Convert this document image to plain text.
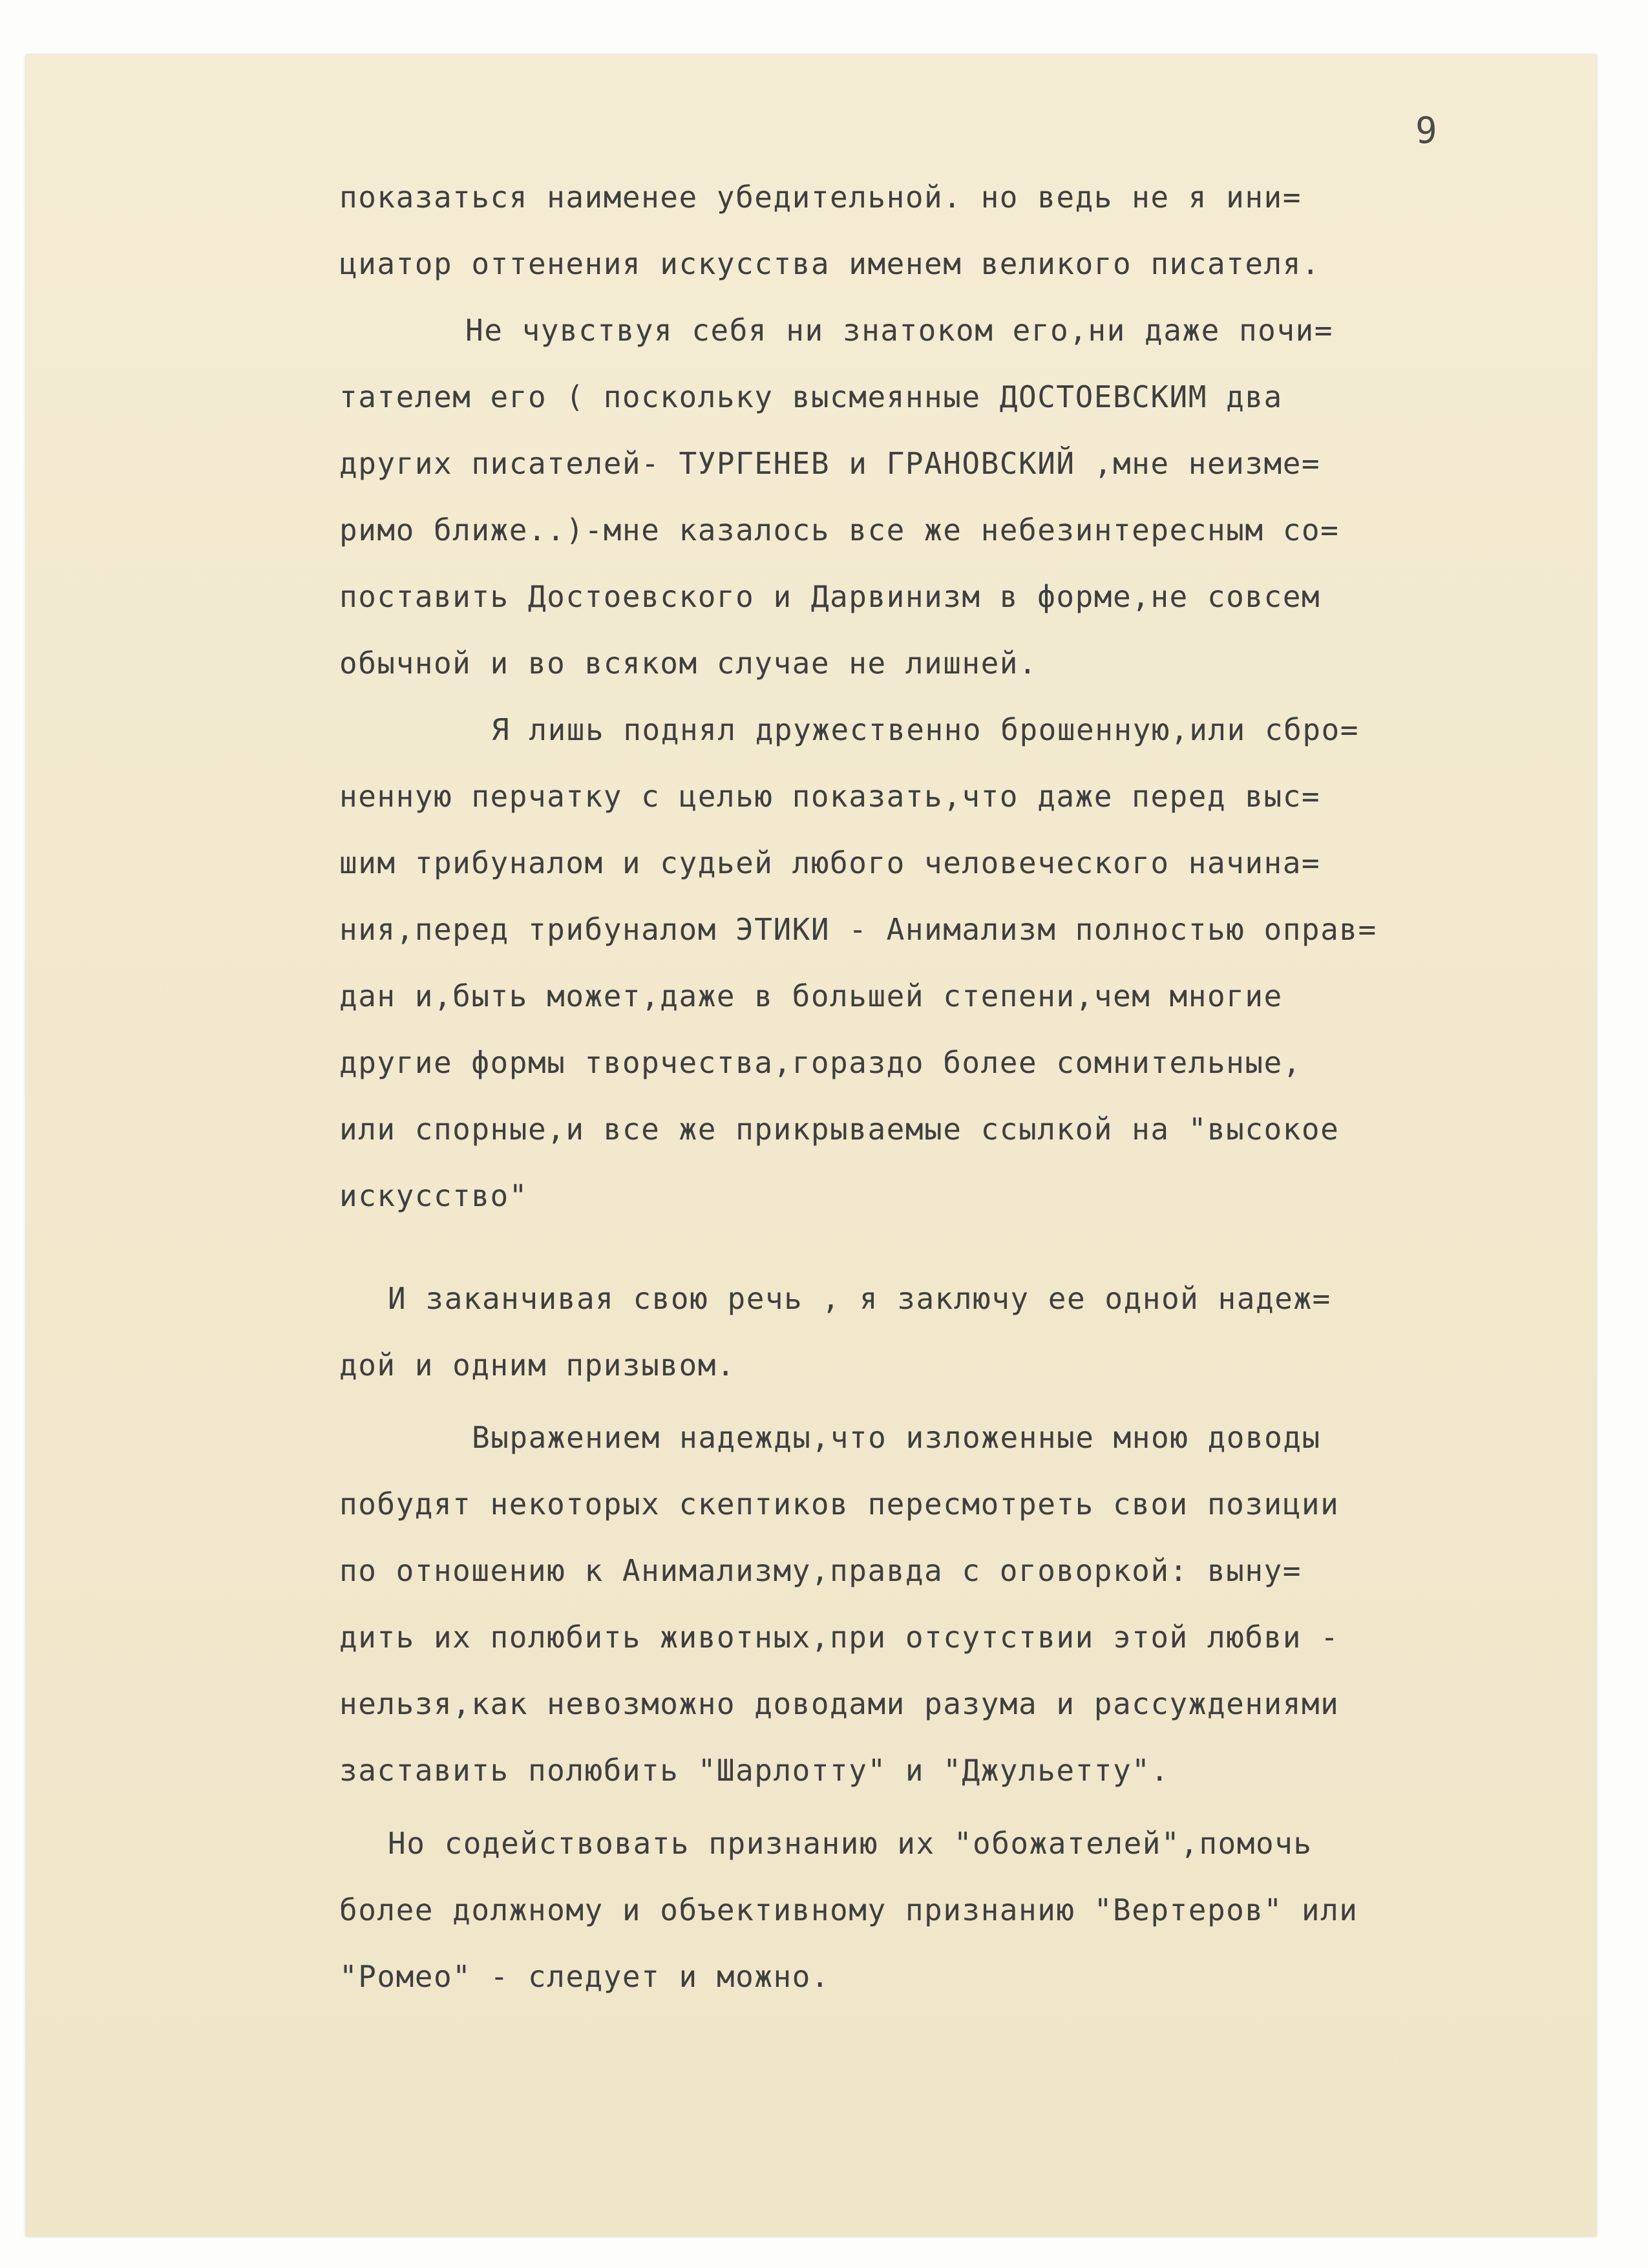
9
показаться наименее убедительной. но ведь не я ини=
циатор оттенения искусства именем великого писателя.
Не чувствуя себя ни знатоком его,ни даже почи=
тателем его ( поскольку высмеянные ДОСТОЕВСКИМ два
других писателей- ТУРГЕНЕВ и ГРАНОВСКИЙ ,мне неизме=
римо ближе..)-мне казалось все же небезинтересным со=
поставить Достоевского и Дарвинизм в форме,не совсем
обычной и во всяком случае не лишней.
Я лишь поднял дружественно брошенную,или сбро=
ненную перчатку с целью показать,что даже перед выс=
шим трибуналом и судьей любого человеческого начина=
ния,перед трибуналом ЭТИКИ - Анимализм полностью оправ=
дан и,быть может,даже в большей степени,чем многие
другие формы творчества,гораздо более сомнительные,
или спорные,и все же прикрываемые ссылкой на "высокое
искусство"
И заканчивая свою речь , я заключу ее одной надеж=
дой и одним призывом.
Выражением надежды,что изложенные мною доводы
побудят некоторых скептиков пересмотреть свои позиции
по отношению к Анимализму,правда с оговоркой: выну=
дить их полюбить животных,при отсутствии этой любви -
нельзя,как невозможно доводами разума и рассуждениями
заставить полюбить "Шарлотту" и "Джульетту".
Но содействовать признанию их "обожателей",помочь
более должному и объективному признанию "Вертеров" или
"Ромео" - следует и можно.
